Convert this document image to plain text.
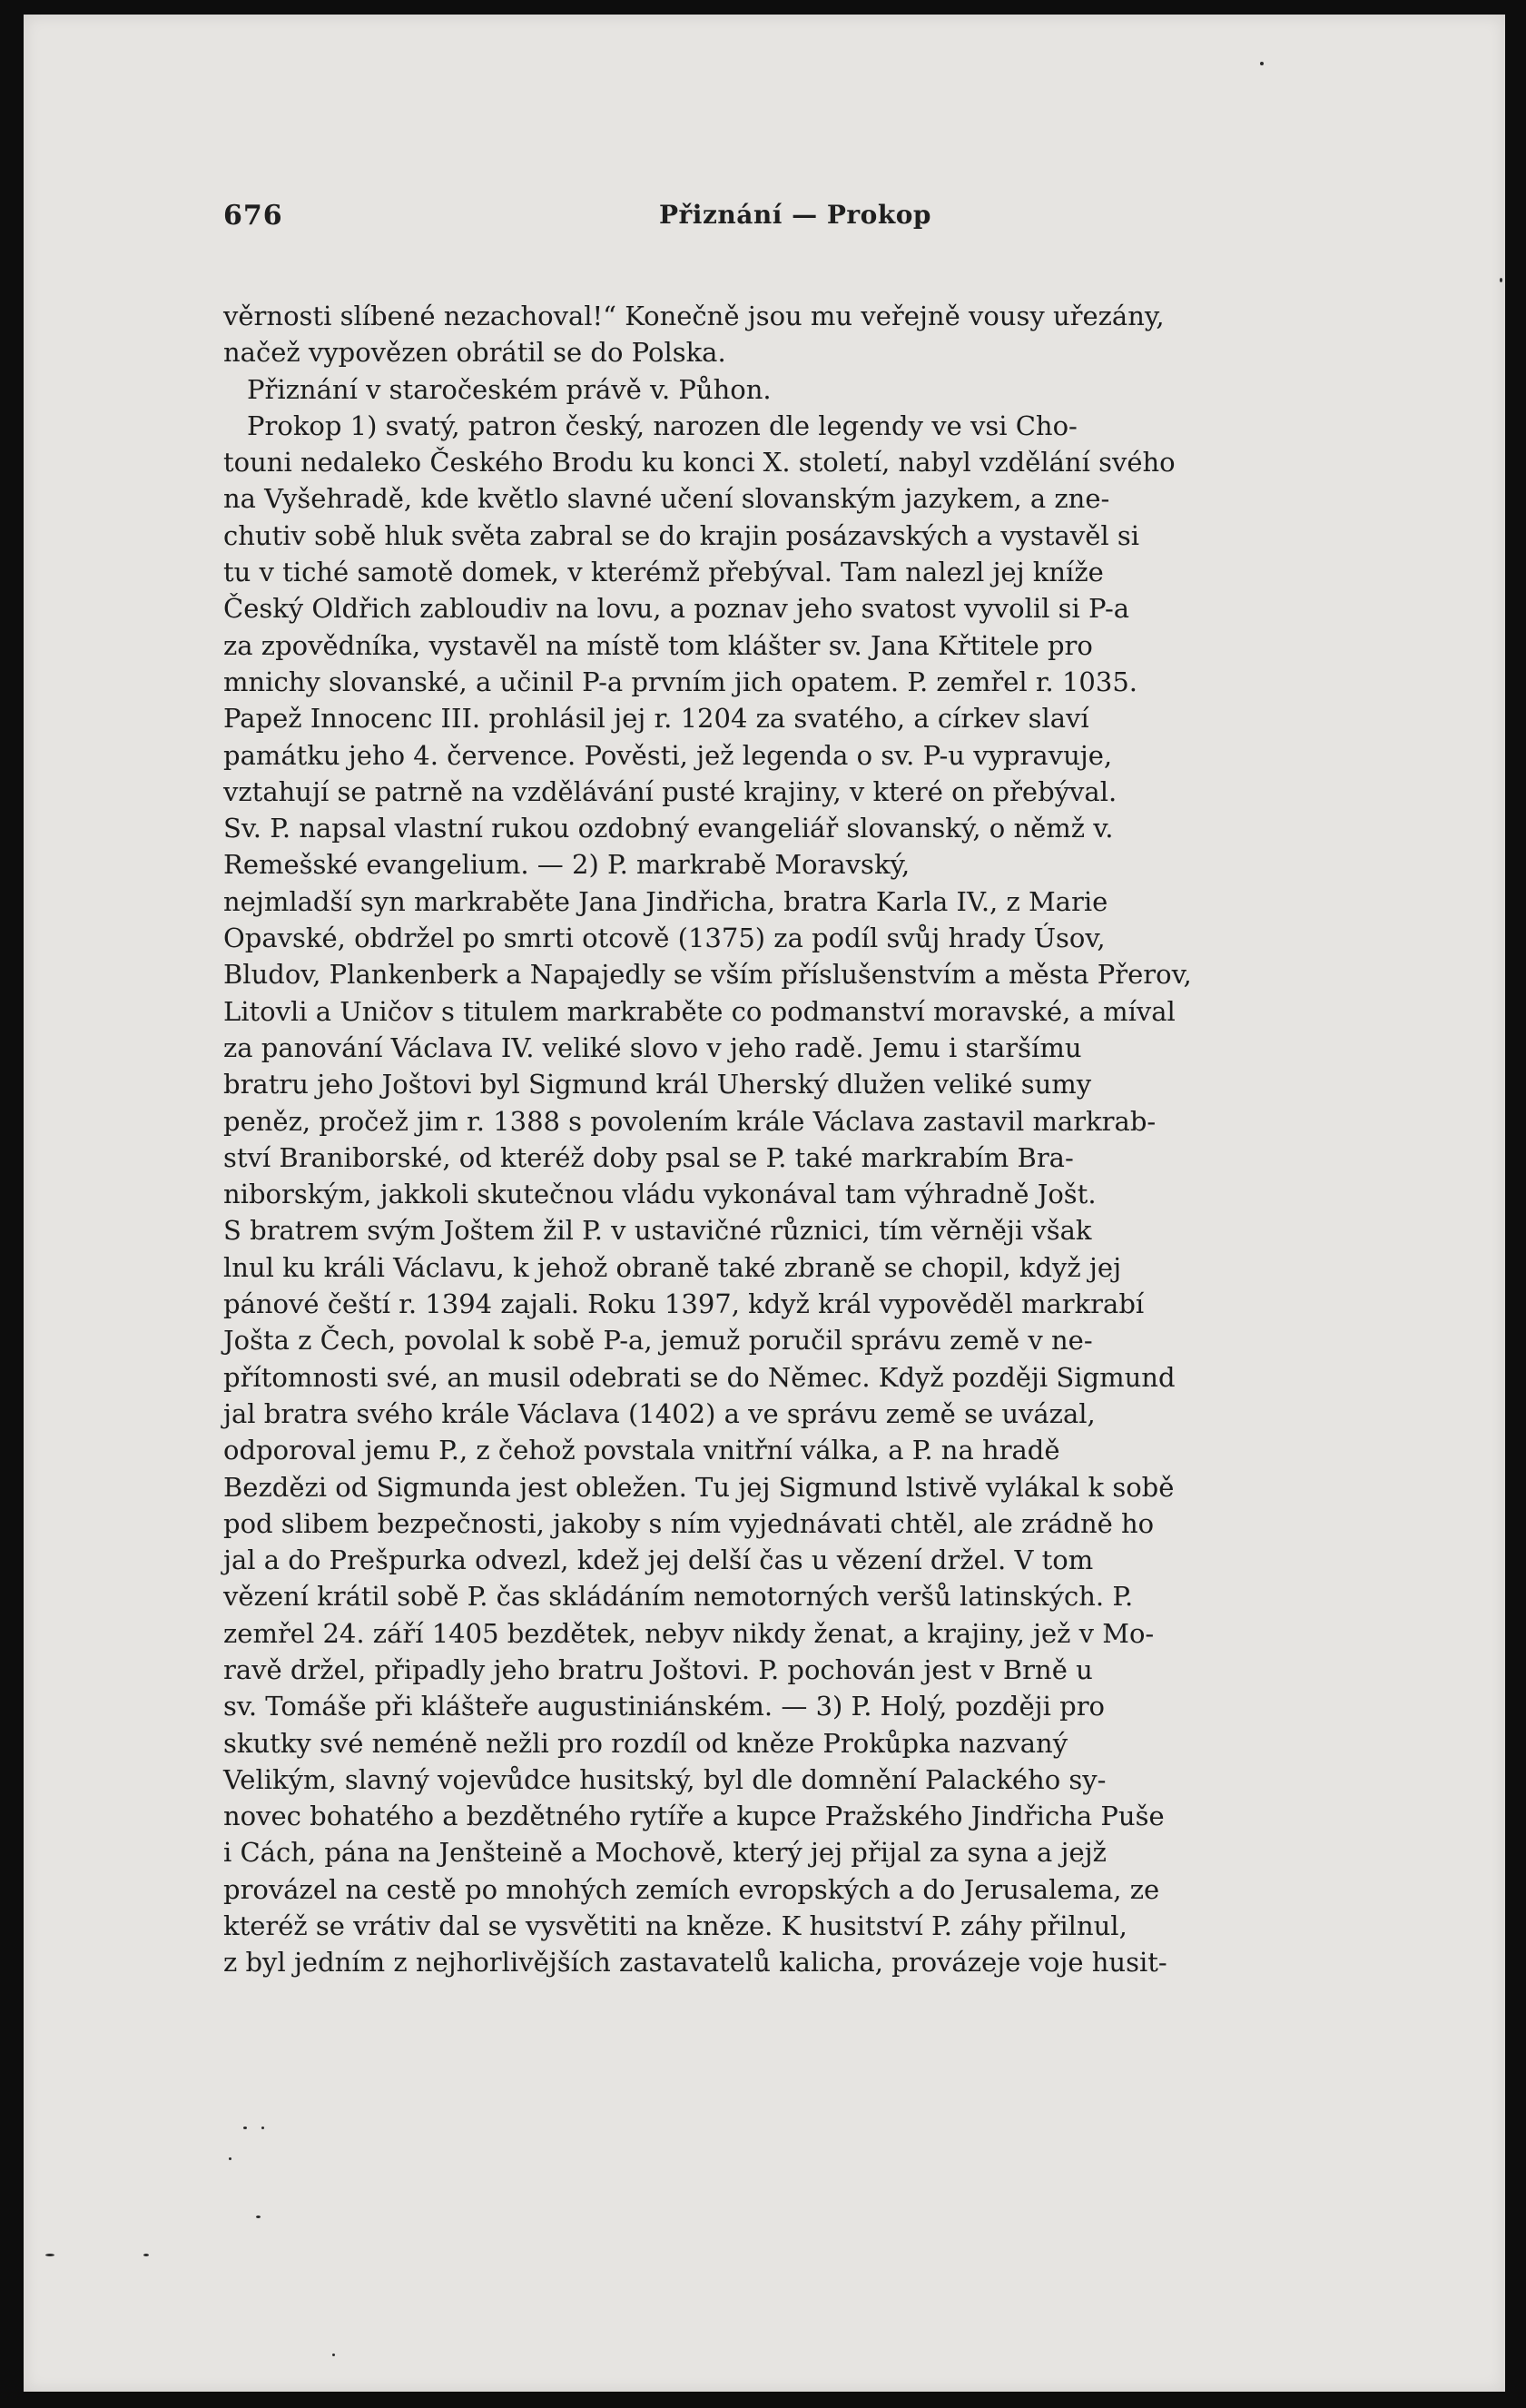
676	Přiznání — Prokop
věrnosti slíbené nezachoval!“ Konečně jsou mu veřejně vousy uřezány,
načež vypovězen obrátil se do Polska.
Přiznání v staročeském právě v. Půhon.
Prokop 1) svatý, patron český, narozen dle legendy ve vsi Cho-
touni nedaleko Českého Brodu ku konci X. století, nabyl vzdělání svého
na Vyšehradě, kde květlo slavné učení slovanským jazykem, a zne-
chutiv sobě hluk světa zabral se do krajin posázavských a vystavěl si
tu v tiché samotě domek, v kterémž přebýval. Tam nalezl jej kníže
Český Oldřich zabloudiv na lovu, a poznav jeho svatost vyvolil si P-a
za zpovědníka, vystavěl na místě tom klášter sv. Jana Křtitele pro
mnichy slovanské, a učinil P-a prvním jich opatem. P. zemřel r. 1035.
Papež Innocenc III. prohlásil jej r. 1204 za svatého, a církev slaví
památku jeho 4. července. Pověsti, jež legenda o sv. P-u vypravuje,
vztahují se patrně na vzdělávání pusté krajiny, v které on přebýval.
Sv. P. napsal vlastní rukou ozdobný evangeliář slovanský, o němž v.
Remešské evangelium. — 2) P. markrabě Moravský,
nejmladší syn markraběte Jana Jindřicha, bratra Karla IV., z Marie
Opavské, obdržel po smrti otcově (1375) za podíl svůj hrady Úsov,
Bludov, Plankenberk a Napajedly se vším příslušenstvím a města Přerov,
Litovli a Uničov s titulem markraběte co podmanství moravské, a míval
za panování Václava IV. veliké slovo v jeho radě. Jemu i staršímu
bratru jeho Joštovi byl Sigmund král Uherský dlužen veliké sumy
peněz, pročež jim r. 1388 s povolením krále Václava zastavil markrab-
ství Braniborské, od kteréž doby psal se P. také markrabím Bra-
niborským, jakkoli skutečnou vládu vykonával tam výhradně Jošt.
S bratrem svým Joštem žil P. v ustavičné různici, tím věrněji však
lnul ku králi Václavu, k jehož obraně také zbraně se chopil, když jej
pánové čeští r. 1394 zajali. Roku 1397, když král vypověděl markrabí
Jošta z Čech, povolal k sobě P-a, jemuž poručil správu země v ne-
přítomnosti své, an musil odebrati se do Němec. Když později Sigmund
jal bratra svého krále Václava (1402) a ve správu země se uvázal,
odporoval jemu P., z čehož povstala vnitřní válka, a P. na hradě
Bezdězi od Sigmunda jest obležen. Tu jej Sigmund lstivě vylákal k sobě
pod slibem bezpečnosti, jakoby s ním vyjednávati chtěl, ale zrádně ho
jal a do Prešpurka odvezl, kdež jej delší čas u vězení držel. V tom
vězení krátil sobě P. čas skládáním nemotorných veršů latinských. P.
zemřel 24. září 1405 bezdětek, nebyv nikdy ženat, a krajiny, jež v Mo-
ravě držel, připadly jeho bratru Joštovi. P. pochován jest v Brně u
sv. Tomáše při klášteře augustiniánském. — 3) P. Holý, později pro
skutky své neméně nežli pro rozdíl od kněze Prokůpka nazvaný
Velikým, slavný vojevůdce husitský, byl dle domnění Palackého sy-
novec bohatého a bezdětného rytíře a kupce Pražského Jindřicha Puše
i Cách, pána na Jenšteině a Mochově, který jej přijal za syna a jejž
provázel na cestě po mnohých zemích evropských a do Jerusalema, ze
kteréž se vrátiv dal se vysvětiti na kněze. K husitství P. záhy přilnul,
z byl jedním z nejhorlivějších zastavatelů kalicha, provázeje voje husit-
